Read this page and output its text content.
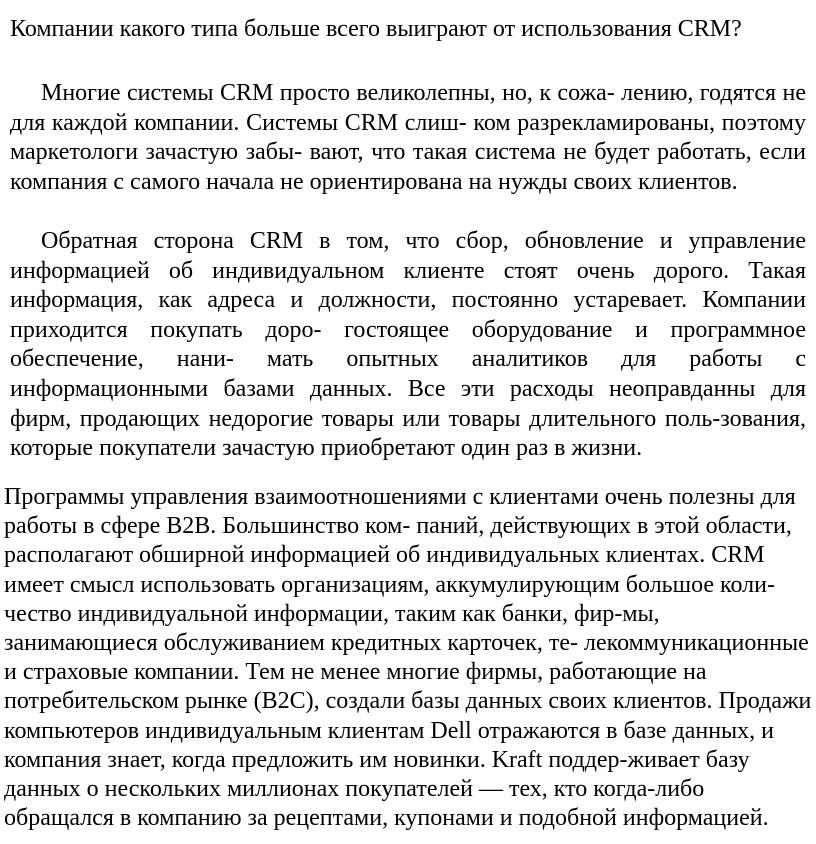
Компании какого типа больше всего выиграют от использования CRM?

Многие системы CRM просто великолепны, но, к сожа- лению, годятся не для каждой компании. Системы CRM слиш- ком разрекламированы, поэтому маркетологи зачастую забы- вают, что такая система не будет работать, если компания с самого начала не ориентирована на нужды своих клиентов.

Обратная сторона CRM в том, что сбор, обновление и управление информацией об индивидуальном клиенте стоят очень дорого. Такая информация, как адреса и должности, постоянно устаревает. Компании приходится покупать доро- гостоящее оборудование и программное обеспечение, нани- мать опытных аналитиков для работы с информационными базами данных. Все эти расходы неоправданны для фирм, продающих недорогие товары или товары длительного поль-зования, которые покупатели зачастую приобретают один раз в жизни.

Программы управления взаимоотношениями с клиентами очень полезны для работы в сфере B2B. Большинство ком- паний, действующих в этой области, располагают обширной информацией об индивидуальных клиентах. CRM имеет смысл использовать организациям, аккумулирующим большое коли-чество индивидуальной информации, таким как банки, фир-мы, занимающиеся обслуживанием кредитных карточек, те- лекоммуникационные и страховые компании. Тем не менее многие фирмы, работающие на потребительском рынке (B2C), создали базы данных своих клиентов. Продажи компьютеров индивидуальным клиентам Dell отражаются в базе данных, и компания знает, когда предложить им новинки. Kraft поддер-живает базу данных о нескольких миллионах покупателей — тех, кто когда-либо обращался в компанию за рецептами, купонами и подобной информацией.
